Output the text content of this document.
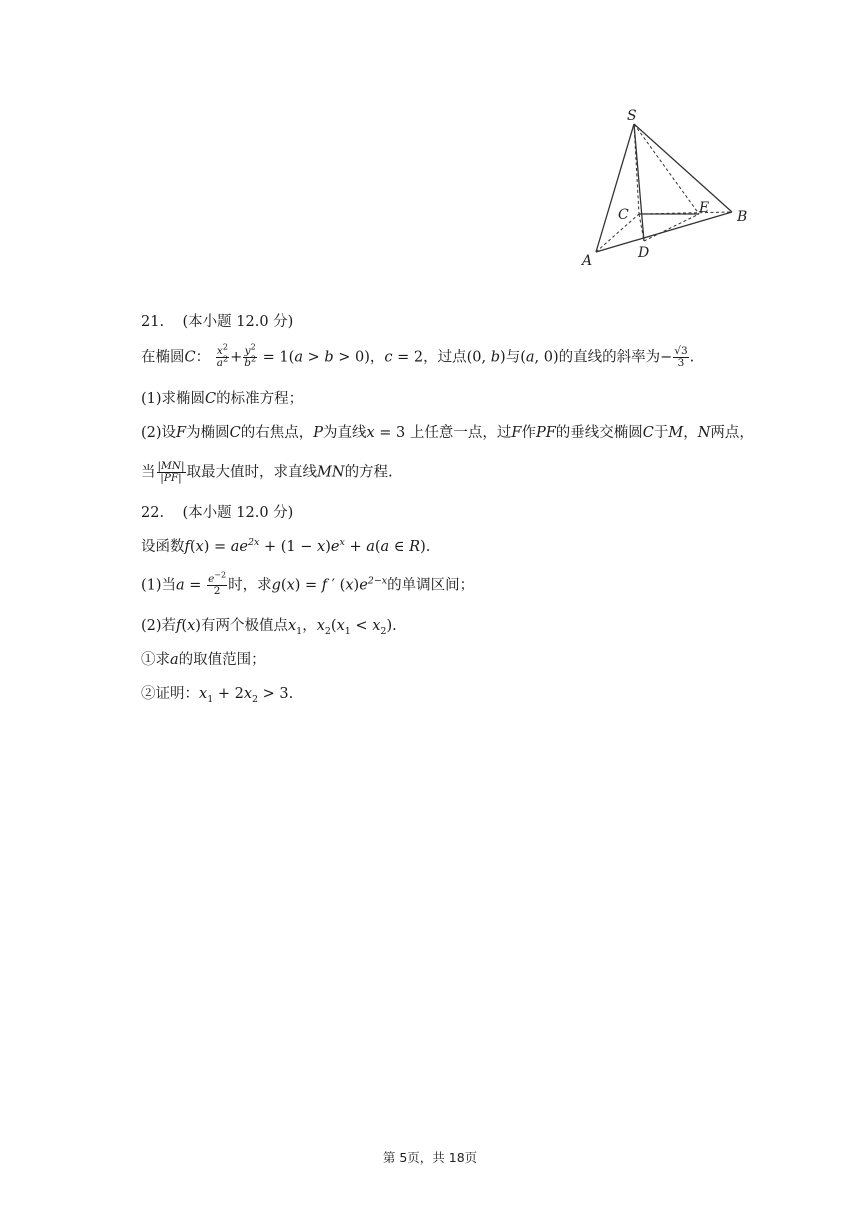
S
A
B
C
D
E
21. (本小题 12.0 分)
在椭圆C： $\frac{x^2}{a^2} + \frac{y^2}{b^2} = 1(a > b > 0)$，c = 2，过点(0, b)与(a, 0)的直线的斜率为− $\frac{√3}{3}$ .
(1)求椭圆C的标准方程；
(2)设F为椭圆C的右焦点，P为直线x = 3 上任意一点，过F作PF的垂线交椭圆C于M，N两点，
当 $\frac{|MN|}{|PF|}$ 取最大值时，求直线MN的方程.
22. (本小题 12.0 分)
设函数$f(x) = ae^{2x} + (1 - x)e^x + a(a$ ∈ R).
(1)当$a = \frac{e^{-2}}{2}$ 时，求g(x) = f ′ $(x)e^{2-x}$的单调区间；
(2)若f(x)有两个极值点$x_1$，$x_2(x_1 < x_2)$.
①求a的取值范围；
②证明：$x_1 + 2x_2 > 3$.
第 5页，共 18页
